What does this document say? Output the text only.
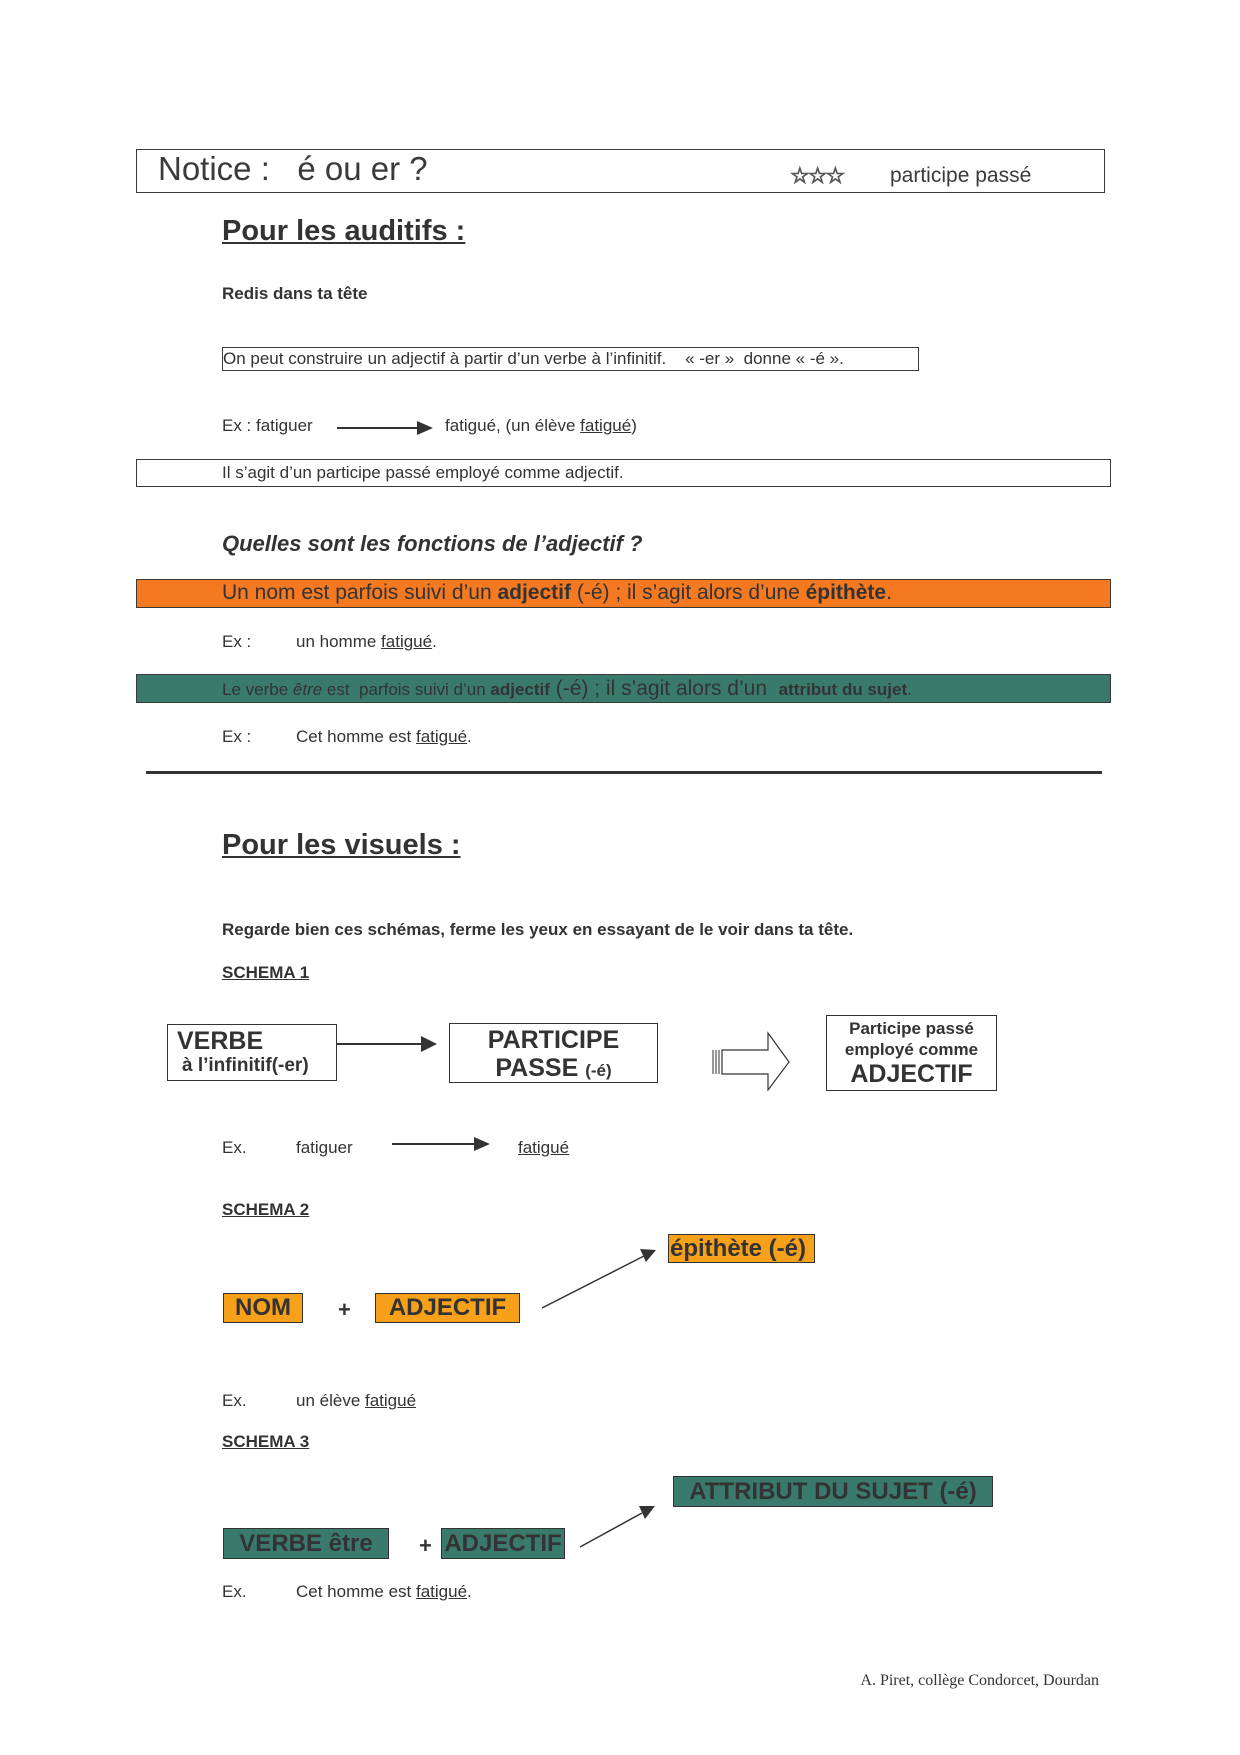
Notice :   é ou er ?	☆☆☆ participe passé
Pour les auditifs :
Redis dans ta tête
On peut construire un adjectif à partir d’un verbe à l’infinitif.    « -er »  donne « -é ».
Ex : fatiguer	fatigué, (un élève fatigué)
Il s’agit d’un participe passé employé comme adjectif.
Quelles sont les fonctions de l’adjectif ?
Un nom est parfois suivi d’un adjectif (-é) ; il s’agit alors d’une épithète.
Ex :	un homme fatigué.
Le verbe être est  parfois suivi d’un adjectif (-é) ; il s’agit alors d’un  attribut du sujet.
Ex :	Cet homme est fatigué.
Pour les visuels :
Regarde bien ces schémas, ferme les yeux en essayant de le voir dans ta tête.
SCHEMA 1
VERBE
à l’infinitif(-er)
PARTICIPE
PASSE (-é)
Participe passé
employé comme
ADJECTIF
Ex.	fatiguer	fatigué
SCHEMA 2
épithète (-é)
NOM	+	ADJECTIF
Ex.	un élève fatigué
SCHEMA 3
ATTRIBUT DU SUJET (-é)
VERBE être	+ ADJECTIF
Ex.	Cet homme est fatigué.
A. Piret, collège Condorcet, Dourdan
